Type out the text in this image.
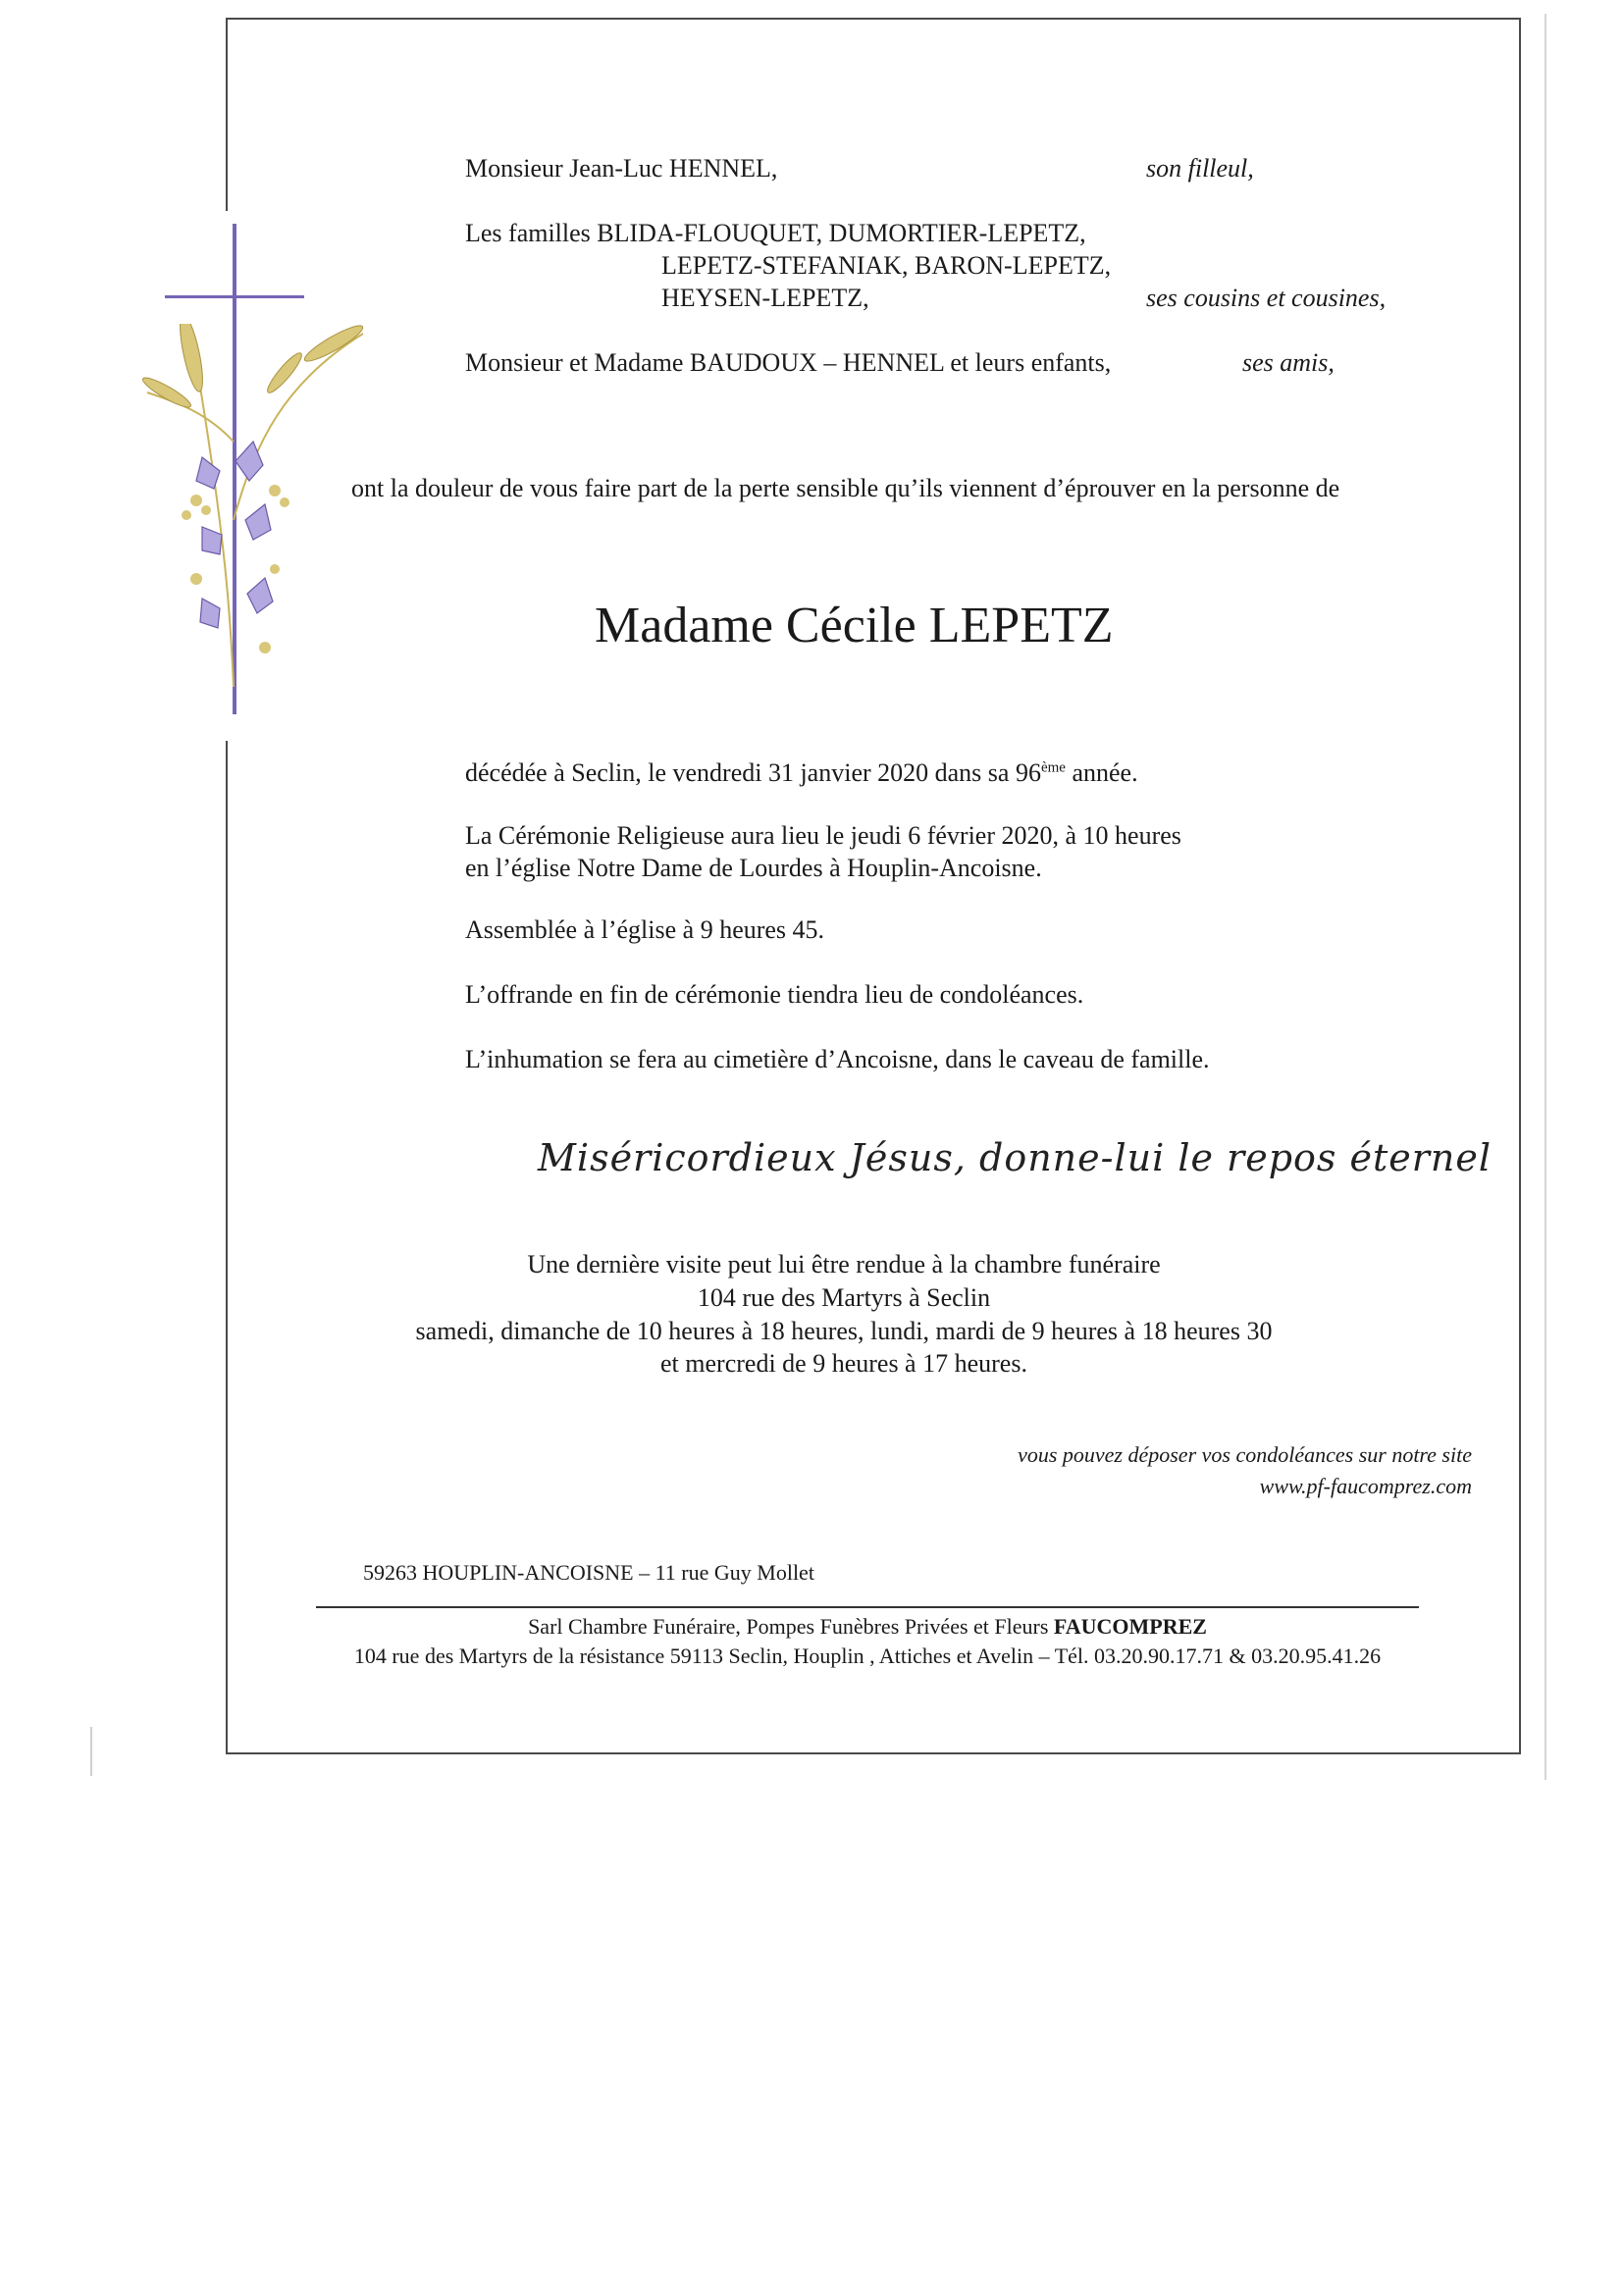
Monsieur Jean-Luc HENNEL,	son filleul,
Les familles BLIDA-FLOUQUET, DUMORTIER-LEPETZ,
LEPETZ-STEFANIAK, BARON-LEPETZ,
HEYSEN-LEPETZ,	ses cousins et cousines,
Monsieur et Madame BAUDOUX – HENNEL et leurs enfants,	ses amis,
ont la douleur de vous faire part de la perte sensible qu’ils viennent d’éprouver en la personne de
Madame Cécile LEPETZ
décédée à Seclin, le vendredi 31 janvier 2020 dans sa 96ème année.
La Cérémonie Religieuse aura lieu le jeudi 6 février 2020, à 10 heures
en l’église Notre Dame de Lourdes à Houplin-Ancoisne.
Assemblée à l’église à 9 heures 45.
L’offrande en fin de cérémonie tiendra lieu de condoléances.
L’inhumation se fera au cimetière d’Ancoisne, dans le caveau de famille.
Miséricordieux Jésus, donne-lui le repos éternel
Une dernière visite peut lui être rendue à la chambre funéraire
104 rue des Martyrs à Seclin
samedi, dimanche de 10 heures à 18 heures, lundi, mardi de 9 heures à 18 heures 30
et mercredi de 9 heures à 17 heures.
vous pouvez déposer vos condoléances sur notre site
www.pf-faucomprez.com
59263 HOUPLIN-ANCOISNE – 11 rue Guy Mollet
Sarl Chambre Funéraire, Pompes Funèbres Privées et Fleurs FAUCOMPREZ
104 rue des Martyrs de la résistance 59113 Seclin, Houplin , Attiches et Avelin – Tél. 03.20.90.17.71 & 03.20.95.41.26
